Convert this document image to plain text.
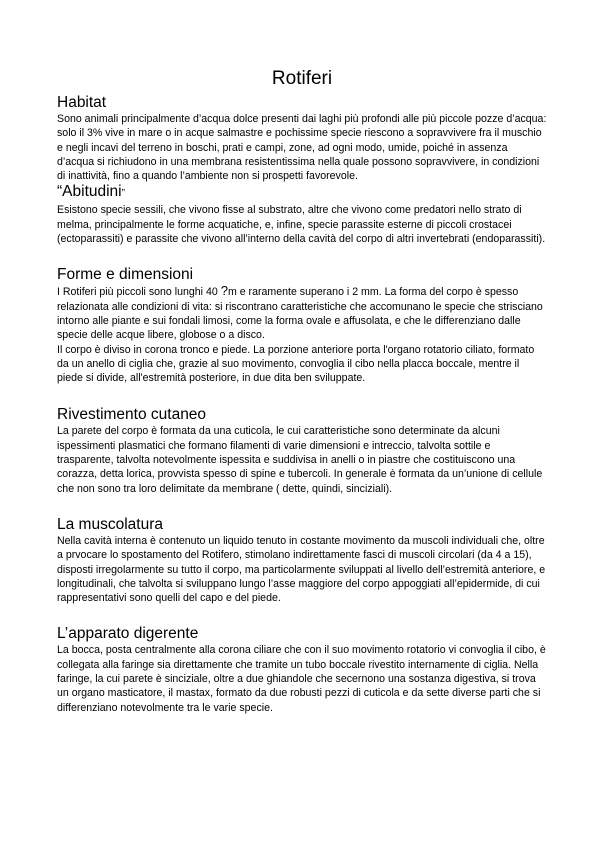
Rotiferi
Habitat

Sono animali principalmente d’acqua dolce presenti dai laghi più profondi alle più piccole pozze d’acqua: solo il 3% vive in mare o in acque salmastre e pochissime specie riescono a sopravvivere fra il muschio e negli incavi del terreno in boschi, prati e campi, zone, ad ogni modo, umide, poiché in assenza d’acqua si richiudono in una membrana resistentissima nella quale possono sopravvivere, in condizioni di inattività, fino a quando l’ambiente non si prospetti favorevole.

“Abitudini”

Esistono specie sessili, che vivono fisse al substrato, altre che vivono come predatori nello strato di melma, principalmente le forme acquatiche, e, infine, specie parassite esterne di piccoli crostacei (ectoparassiti) e parassite che vivono all’interno della cavità del corpo di altri invertebrati (endoparassiti).

Forme e dimensioni

I Rotiferi più piccoli sono lunghi 40 ?m e raramente superano i 2 mm. La forma del corpo è spesso relazionata alle condizioni di vita: si riscontrano caratteristiche che accomunano le specie che strisciano intorno alle piante e sui fondali limosi, come la forma ovale e affusolata, e che le differenziano dalle specie delle acque libere, globose o a disco.
Il corpo è diviso in corona tronco e piede. La porzione anteriore porta l'organo rotatorio ciliato, formato da un anello di ciglia che, grazie al suo movimento, convoglia il cibo nella placca boccale, mentre il piede si divide, all'estremità posteriore, in due dita ben sviluppate.

Rivestimento cutaneo

La parete del corpo è formata da una cuticola, le cui caratteristiche sono determinate da alcuni ispessimenti plasmatici che formano filamenti di varie dimensioni e intreccio, talvolta sottile e trasparente, talvolta notevolmente ispessita e suddivisa in anelli o in piastre che costituiscono una corazza, detta lorica, provvista spesso di spine e tubercoli. In generale è formata da un’unione di cellule che non sono tra loro delimitate da membrane ( dette, quindi, sinciziali).

La muscolatura

Nella cavità interna è contenuto un liquido tenuto in costante movimento da muscoli individuali che, oltre a prvocare lo spostamento del Rotifero, stimolano indirettamente fasci di muscoli circolari (da 4 a 15), disposti irregolarmente su tutto il corpo, ma particolarmente sviluppati al livello dell’estremità anteriore, e longitudinali, che talvolta si sviluppano lungo l’asse maggiore del corpo appoggiati all’epidermide, di cui rappresentativi sono quelli del capo e del piede.

L’apparato digerente

La bocca, posta centralmente alla corona ciliare che con il suo movimento rotatorio vi convoglia il cibo, è collegata alla faringe sia direttamente che tramite un tubo boccale rivestito internamente di ciglia. Nella faringe, la cui parete è sinciziale, oltre a due ghiandole che secernono una sostanza digestiva, si trova un organo masticatore, il mastax, formato da due robusti pezzi di cuticola e da sette diverse parti che si differenziano notevolmente tra le varie specie.
